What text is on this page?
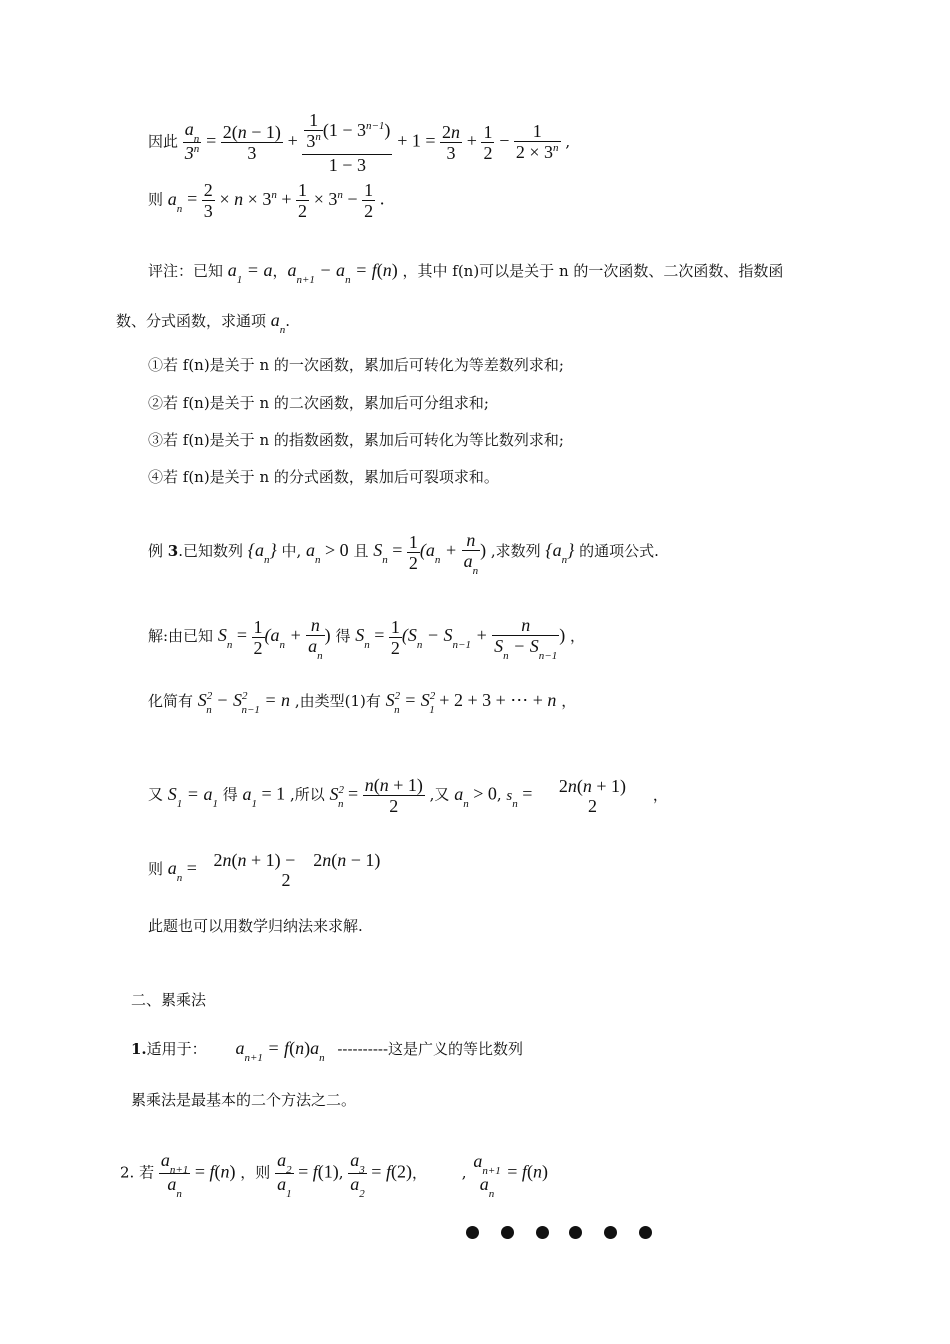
因此 $\frac{a_n}{3^n} = \frac{2(n - 1)}{3} + \frac{\frac{1}{3^n} (1 - 3^{n-1})}{1 - 3} + 1 = \frac{2n}{3} + \frac{1}{2} - \frac{1}{2 \times 3^n}$ ,
则 $a_n = \frac{2}{3} \times n \times 3^n + \frac{1}{2} \times 3^n - \frac{1}{2}$ .
评注：已知 $a_1 = a$，$a_{n+1} - a_n = f(n)$ ，其中 f(n)可以是关于 n 的一次函数、二次函数、指数函
数、分式函数，求通项 $a_n$.
①若 f(n)是关于 n 的一次函数，累加后可转化为等差数列求和;
②若 f(n)是关于 n 的二次函数，累加后可分组求和;
③若 f(n)是关于 n 的指数函数，累加后可转化为等比数列求和;
④若 f(n)是关于 n 的分式函数，累加后可裂项求和。
例 3.已知数列 $\{a_n\}$ 中, $a_n > 0$ 且 $S_n = \frac{1}{2} (a_n + \frac{n}{a_n}$ ) ,求数列 $\{a_n\}$ 的通项公式.
解:由已知 $S_n = \frac{1}{2} (a_n + \frac{n}{a_n}$ ) 得 $S_n = \frac{1}{2} (S_n - S_{n-1} + \frac{n}{S_n - S_{n-1}}$ ) ，
化简有 $S^2_n - S^2_{n-1} = n$ ,由类型(1)有 $S^2_n = S^2_1 + 2 + 3$ + ⋯ + n ，
又 $S_1 = a_1$ 得 $a_1 = 1$ ,所以 $S^2_n = \frac{n(n + 1)}{2}$ ,又 $a_n > 0$, $s_n = 2n(n + 1)$
2
，
则 $a_n = 2n(n + 1)$ −    2n(n − 1)
2
此题也可以用数学归纳法来求解.
二、累乘法
1.适用于： $a_{n+1} = f(n)a_n$ ----------这是广义的等比数列
累乘法是最基本的二个方法之二。
2. 若 $\frac{a_{n+1}}{a_n} = f(n)$ ，则 $\frac{a_2}{a_1} = f(1)$, $\frac{a_3}{a_2} = f(2)$， ,
$a_{n+1}$
$a_n$
= f(n)
